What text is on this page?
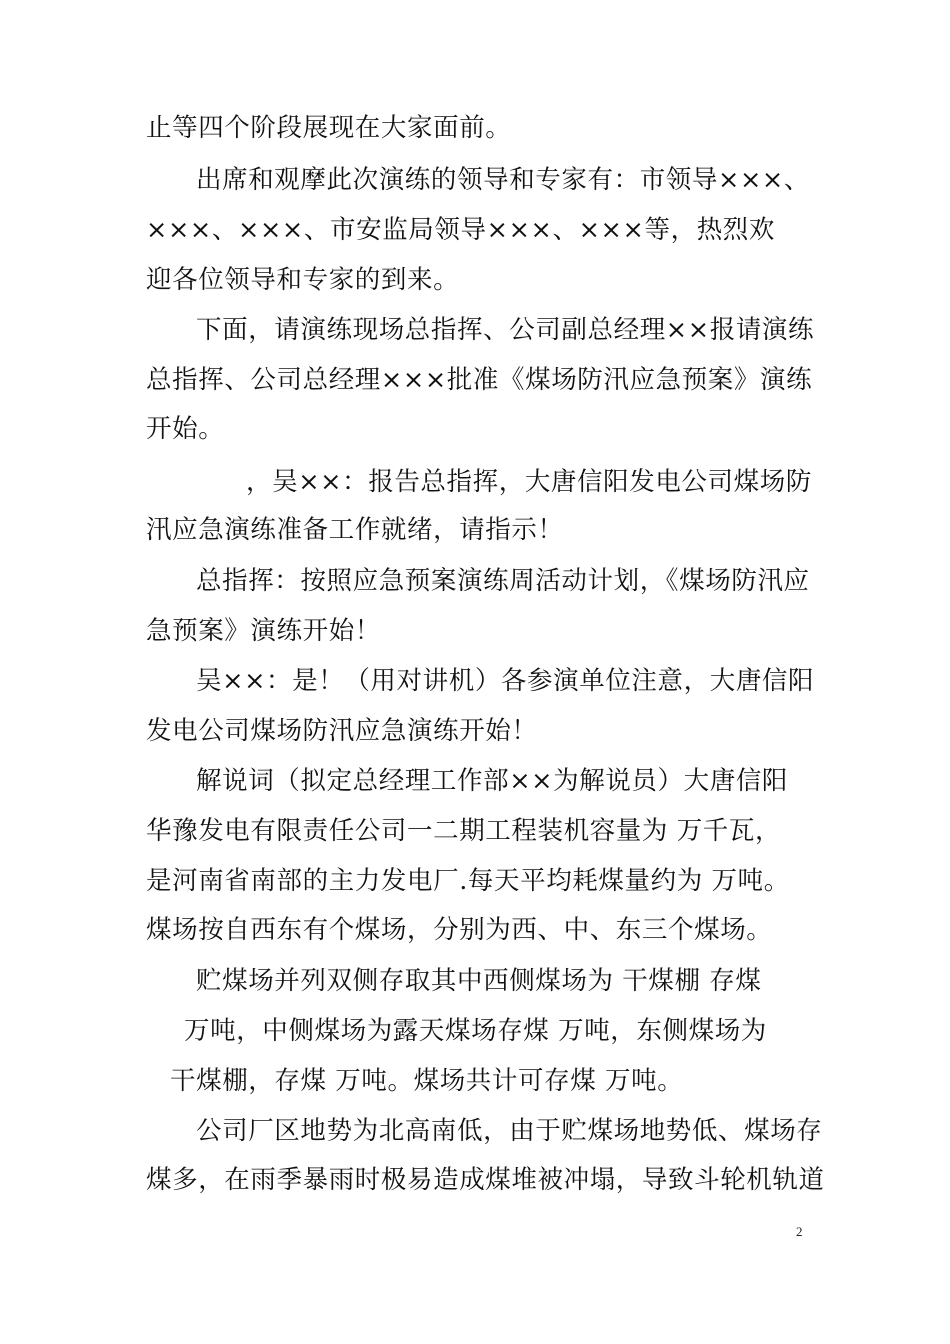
止等四个阶段展现在大家面前。
出席和观摩此次演练的领导和专家有：市领导×××、
×××、×××、市安监局领导×××、×××等，热烈欢
迎各位领导和专家的到来。
下面，请演练现场总指挥、公司副总经理××报请演练
总指挥、公司总经理×××批准《煤场防汛应急预案》演练
开始。
，吴××：报告总指挥，大唐信阳发电公司煤场防
汛应急演练准备工作就绪，请指示！
总指挥：按照应急预案演练周活动计划，《煤场防汛应
急预案》演练开始！
吴××：是！（用对讲机）各参演单位注意，大唐信阳
发电公司煤场防汛应急演练开始！
解说词（拟定总经理工作部××为解说员）大唐信阳
华豫发电有限责任公司一二期工程装机容量为 万千瓦，
是河南省南部的主力发电厂.每天平均耗煤量约为 万吨。
煤场按自西东有个煤场，分别为西、中、东三个煤场。
贮煤场并列双侧存取其中西侧煤场为 干煤棚 存煤
万吨，中侧煤场为露天煤场存煤 万吨，东侧煤场为
干煤棚，存煤 万吨。煤场共计可存煤 万吨。
公司厂区地势为北高南低，由于贮煤场地势低、煤场存
煤多，在雨季暴雨时极易造成煤堆被冲塌，导致斗轮机轨道
2
